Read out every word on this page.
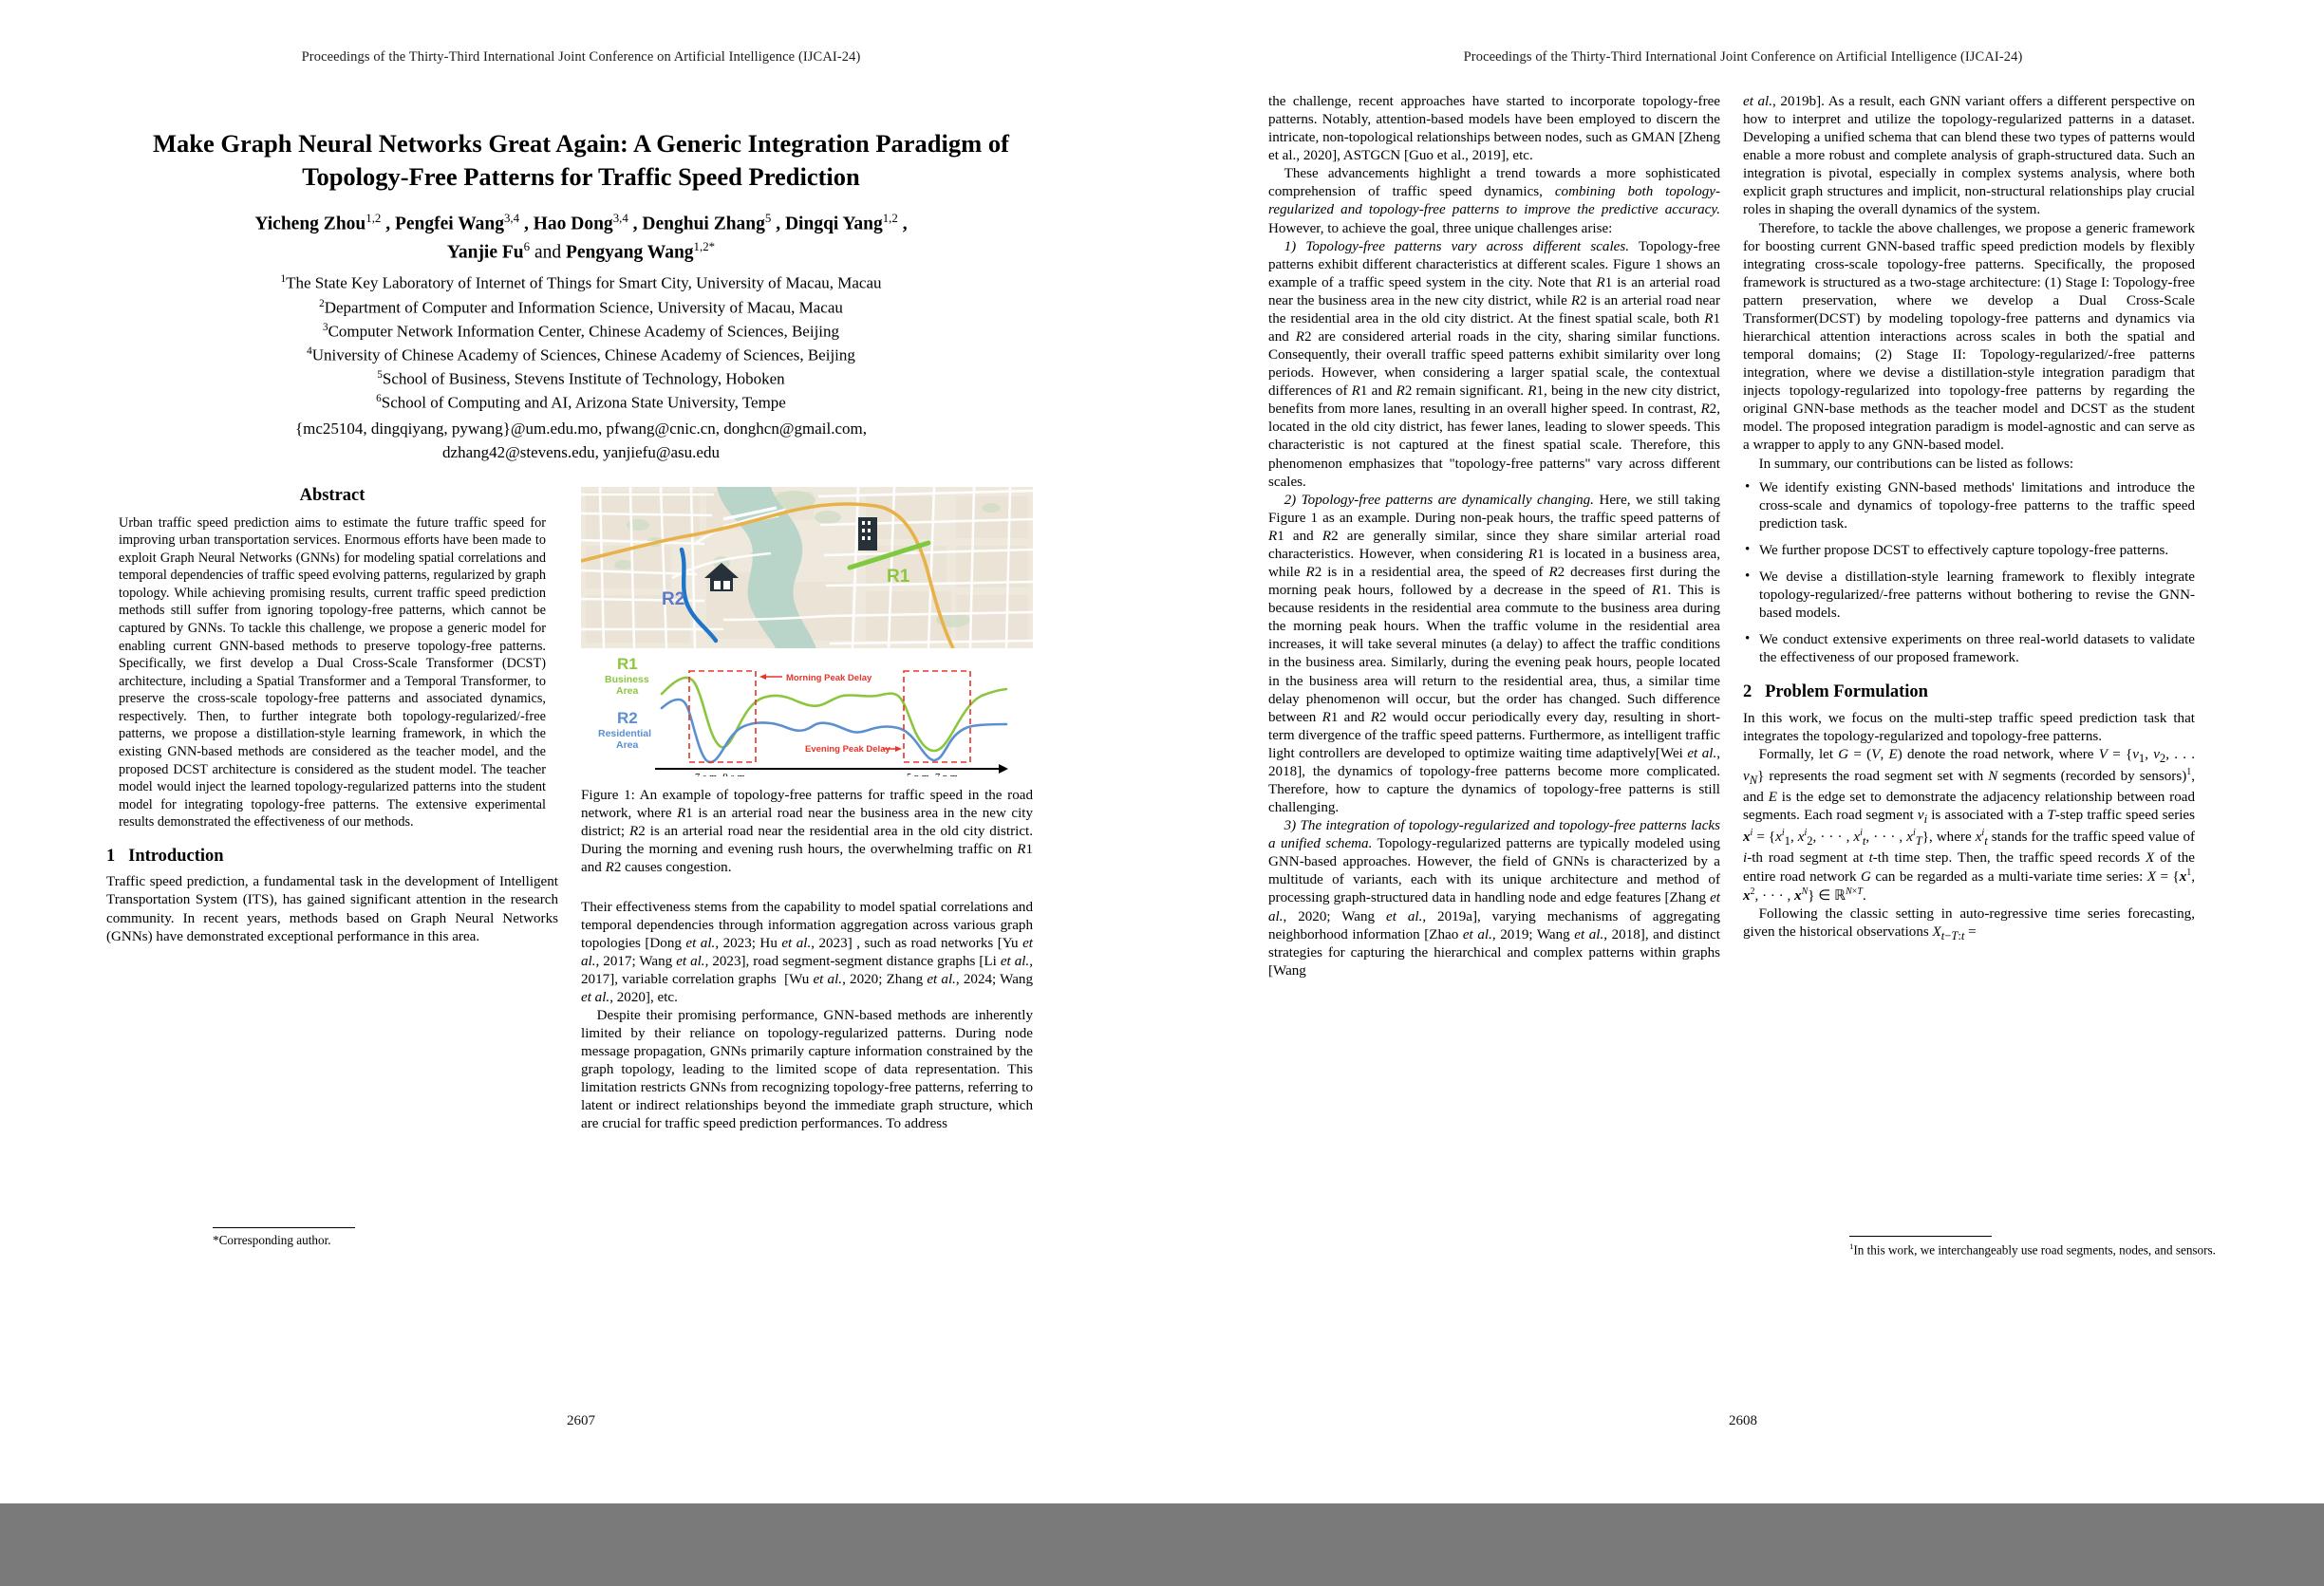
Proceedings of the Thirty-Third International Joint Conference on Artificial Intelligence (IJCAI-24)
Make Graph Neural Networks Great Again: A Generic Integration Paradigm of
Topology-Free Patterns for Traffic Speed Prediction
Yicheng Zhou$^{1,2}$ , Pengfei Wang$^{3,4}$ , Hao Dong$^{3,4}$ , Denghui Zhang$^5$ , Dingqi Yang$^{1,2}$ ,
Yanjie Fu$^6$ and Pengyang Wang$^{1,2*}$
$^1$The State Key Laboratory of Internet of Things for Smart City, University of Macau, Macau
$^2$Department of Computer and Information Science, University of Macau, Macau
$^3$Computer Network Information Center, Chinese Academy of Sciences, Beijing
$^4$University of Chinese Academy of Sciences, Chinese Academy of Sciences, Beijing
$^5$School of Business, Stevens Institute of Technology, Hoboken
$^6$School of Computing and AI, Arizona State University, Tempe
{mc25104, dingqiyang, pywang}@um.edu.mo, pfwang@cnic.cn, donghcn@gmail.com,
dzhang42@stevens.edu, yanjiefu@asu.edu
Abstract

Urban traffic speed prediction aims to estimate the future traffic speed for improving urban transportation services. Enormous efforts have been made to exploit Graph Neural Networks (GNNs) for modeling spatial correlations and temporal dependencies of traffic speed evolving patterns, regularized by graph topology. While achieving promising results, current traffic speed prediction methods still suffer from ignoring topology-free patterns, which cannot be captured by GNNs. To tackle this challenge, we propose a generic model for enabling current GNN-based methods to preserve topology-free patterns. Specifically, we first develop a Dual Cross-Scale Transformer (DCST) architecture, including a Spatial Transformer and a Temporal Transformer, to preserve the cross-scale topology-free patterns and associated dynamics, respectively. Then, to further integrate both topology-regularized/-free patterns, we propose a distillation-style learning framework, in which the existing GNN-based methods are considered as the teacher model, and the proposed DCST architecture is considered as the student model. The teacher model would inject the learned topology-regularized patterns into the student model for integrating topology-free patterns. The extensive experimental results demonstrated the effectiveness of our methods.

1 Introduction

Traffic speed prediction, a fundamental task in the development of Intelligent Transportation System (ITS), has gained significant attention in the research community. In recent years, methods based on Graph Neural Networks (GNNs) have demonstrated exceptional performance in this area.

*Corresponding author.
R2
R1
R1
Business
Area
R2
Residential
Area
Morning Peak Delay
Evening Peak Delay
7 a.m.-9 a.m.	5 p.m.-7 p.m.
Figure 1: An example of topology-free patterns for traffic speed in the road network, where R1 is an arterial road near the business area in the new city district; R2 is an arterial road near the residential area in the old city district. During the morning and evening rush hours, the overwhelming traffic on R1 and R2 causes congestion.

Their effectiveness stems from the capability to model spatial correlations and temporal dependencies through information aggregation across various graph topologies [Dong et al., 2023; Hu et al., 2023] , such as road networks [Yu et al., 2017; Wang et al., 2023], road segment-segment distance graphs [Li et al., 2017], variable correlation graphs  [Wu et al., 2020; Zhang et al., 2024; Wang et al., 2020], etc.

Despite their promising performance, GNN-based methods are inherently limited by their reliance on topology-regularized patterns. During node message propagation, GNNs primarily capture information constrained by the graph topology, leading to the limited scope of data representation. This limitation restricts GNNs from recognizing topology-free patterns, referring to latent or indirect relationships beyond the immediate graph structure, which are crucial for traffic speed prediction performances. To address

2607
Proceedings of the Thirty-Third International Joint Conference on Artificial Intelligence (IJCAI-24)

the challenge, recent approaches have started to incorporate topology-free patterns. Notably, attention-based models have been employed to discern the intricate, non-topological relationships between nodes, such as GMAN [Zheng et al., 2020], ASTGCN [Guo et al., 2019], etc.

These advancements highlight a trend towards a more sophisticated comprehension of traffic speed dynamics, combining both topology-regularized and topology-free patterns to improve the predictive accuracy. However, to achieve the goal, three unique challenges arise:

1) Topology-free patterns vary across different scales. Topology-free patterns exhibit different characteristics at different scales. Figure 1 shows an example of a traffic speed system in the city. Note that R1 is an arterial road near the business area in the new city district, while R2 is an arterial road near the residential area in the old city district. At the finest spatial scale, both R1 and R2 are considered arterial roads in the city, sharing similar functions. Consequently, their overall traffic speed patterns exhibit similarity over long periods. However, when considering a larger spatial scale, the contextual differences of R1 and R2 remain significant. R1, being in the new city district, benefits from more lanes, resulting in an overall higher speed. In contrast, R2, located in the old city district, has fewer lanes, leading to slower speeds. This characteristic is not captured at the finest spatial scale. Therefore, this phenomenon emphasizes that "topology-free patterns" vary across different scales.

2) Topology-free patterns are dynamically changing. Here, we still taking Figure 1 as an example. During non-peak hours, the traffic speed patterns of R1 and R2 are generally similar, since they share similar arterial road characteristics. However, when considering R1 is located in a business area, while R2 is in a residential area, the speed of R2 decreases first during the morning peak hours, followed by a decrease in the speed of R1. This is because residents in the residential area commute to the business area during the morning peak hours. When the traffic volume in the residential area increases, it will take several minutes (a delay) to affect the traffic conditions in the business area. Similarly, during the evening peak hours, people located in the business area will return to the residential area, thus, a similar time delay phenomenon will occur, but the order has changed. Such difference between R1 and R2 would occur periodically every day, resulting in short-term divergence of the traffic speed patterns. Furthermore, as intelligent traffic light controllers are developed to optimize waiting time adaptively[Wei et al., 2018], the dynamics of topology-free patterns become more complicated. Therefore, how to capture the dynamics of topology-free patterns is still challenging.

3) The integration of topology-regularized and topology-free patterns lacks a unified schema. Topology-regularized patterns are typically modeled using GNN-based approaches. However, the field of GNNs is characterized by a multitude of variants, each with its unique architecture and method of processing graph-structured data in handling node and edge features [Zhang et al., 2020; Wang et al., 2019a], varying mechanisms of aggregating neighborhood information [Zhao et al., 2019; Wang et al., 2018], and distinct strategies for capturing the hierarchical and complex patterns within graphs [Wang

et al., 2019b]. As a result, each GNN variant offers a different perspective on how to interpret and utilize the topology-regularized patterns in a dataset. Developing a unified schema that can blend these two types of patterns would enable a more robust and complete analysis of graph-structured data. Such an integration is pivotal, especially in complex systems analysis, where both explicit graph structures and implicit, non-structural relationships play crucial roles in shaping the overall dynamics of the system.

Therefore, to tackle the above challenges, we propose a generic framework for boosting current GNN-based traffic speed prediction models by flexibly integrating cross-scale topology-free patterns. Specifically, the proposed framework is structured as a two-stage architecture: (1) Stage I: Topology-free pattern preservation, where we develop a Dual Cross-Scale Transformer(DCST) by modeling topology-free patterns and dynamics via hierarchical attention interactions across scales in both the spatial and temporal domains; (2) Stage II: Topology-regularized/-free patterns integration, where we devise a distillation-style integration paradigm that injects topology-regularized into topology-free patterns by regarding the original GNN-base methods as the teacher model and DCST as the student model. The proposed integration paradigm is model-agnostic and can serve as a wrapper to apply to any GNN-based model.

In summary, our contributions can be listed as follows:

• We identify existing GNN-based methods' limitations and introduce the cross-scale and dynamics of topology-free patterns to the traffic speed prediction task.
• We further propose DCST to effectively capture topology-free patterns.
• We devise a distillation-style learning framework to flexibly integrate topology-regularized/-free patterns without bothering to revise the GNN-based models.
• We conduct extensive experiments on three real-world datasets to validate the effectiveness of our proposed framework.
2 Problem Formulation

In this work, we focus on the multi-step traffic speed prediction task that integrates the topology-regularized and topology-free patterns.

Formally, let G = (V, E) denote the road network, where $V = \{v_1$, $v_2$, . . . $v_N$} represents the road segment set with N segments (recorded by sensors)$^1$, and E is the edge set to demonstrate the adjacency relationship between road segments. Each road segment $v_i$ is associated with a T-step traffic speed series $x^i = \{x^i_1$, $x^i_2$, · · · , $x^i_t$, · · · , $x^i_T$}, where $x^i_t$ stands for the traffic speed value of i-th road segment at t-th time step. Then, the traffic speed records X of the entire road network G can be regarded as a multi-variate time series: $X = \{x^1$, $x^2$, · · · , $x^N$} ∈ ℝ$^{N\times T}$.

Following the classic setting in auto-regressive time series forecasting, given the historical observations $X_{t-T:t}$ =

$^1$In this work, we interchangeably use road segments, nodes, and sensors.
2608
